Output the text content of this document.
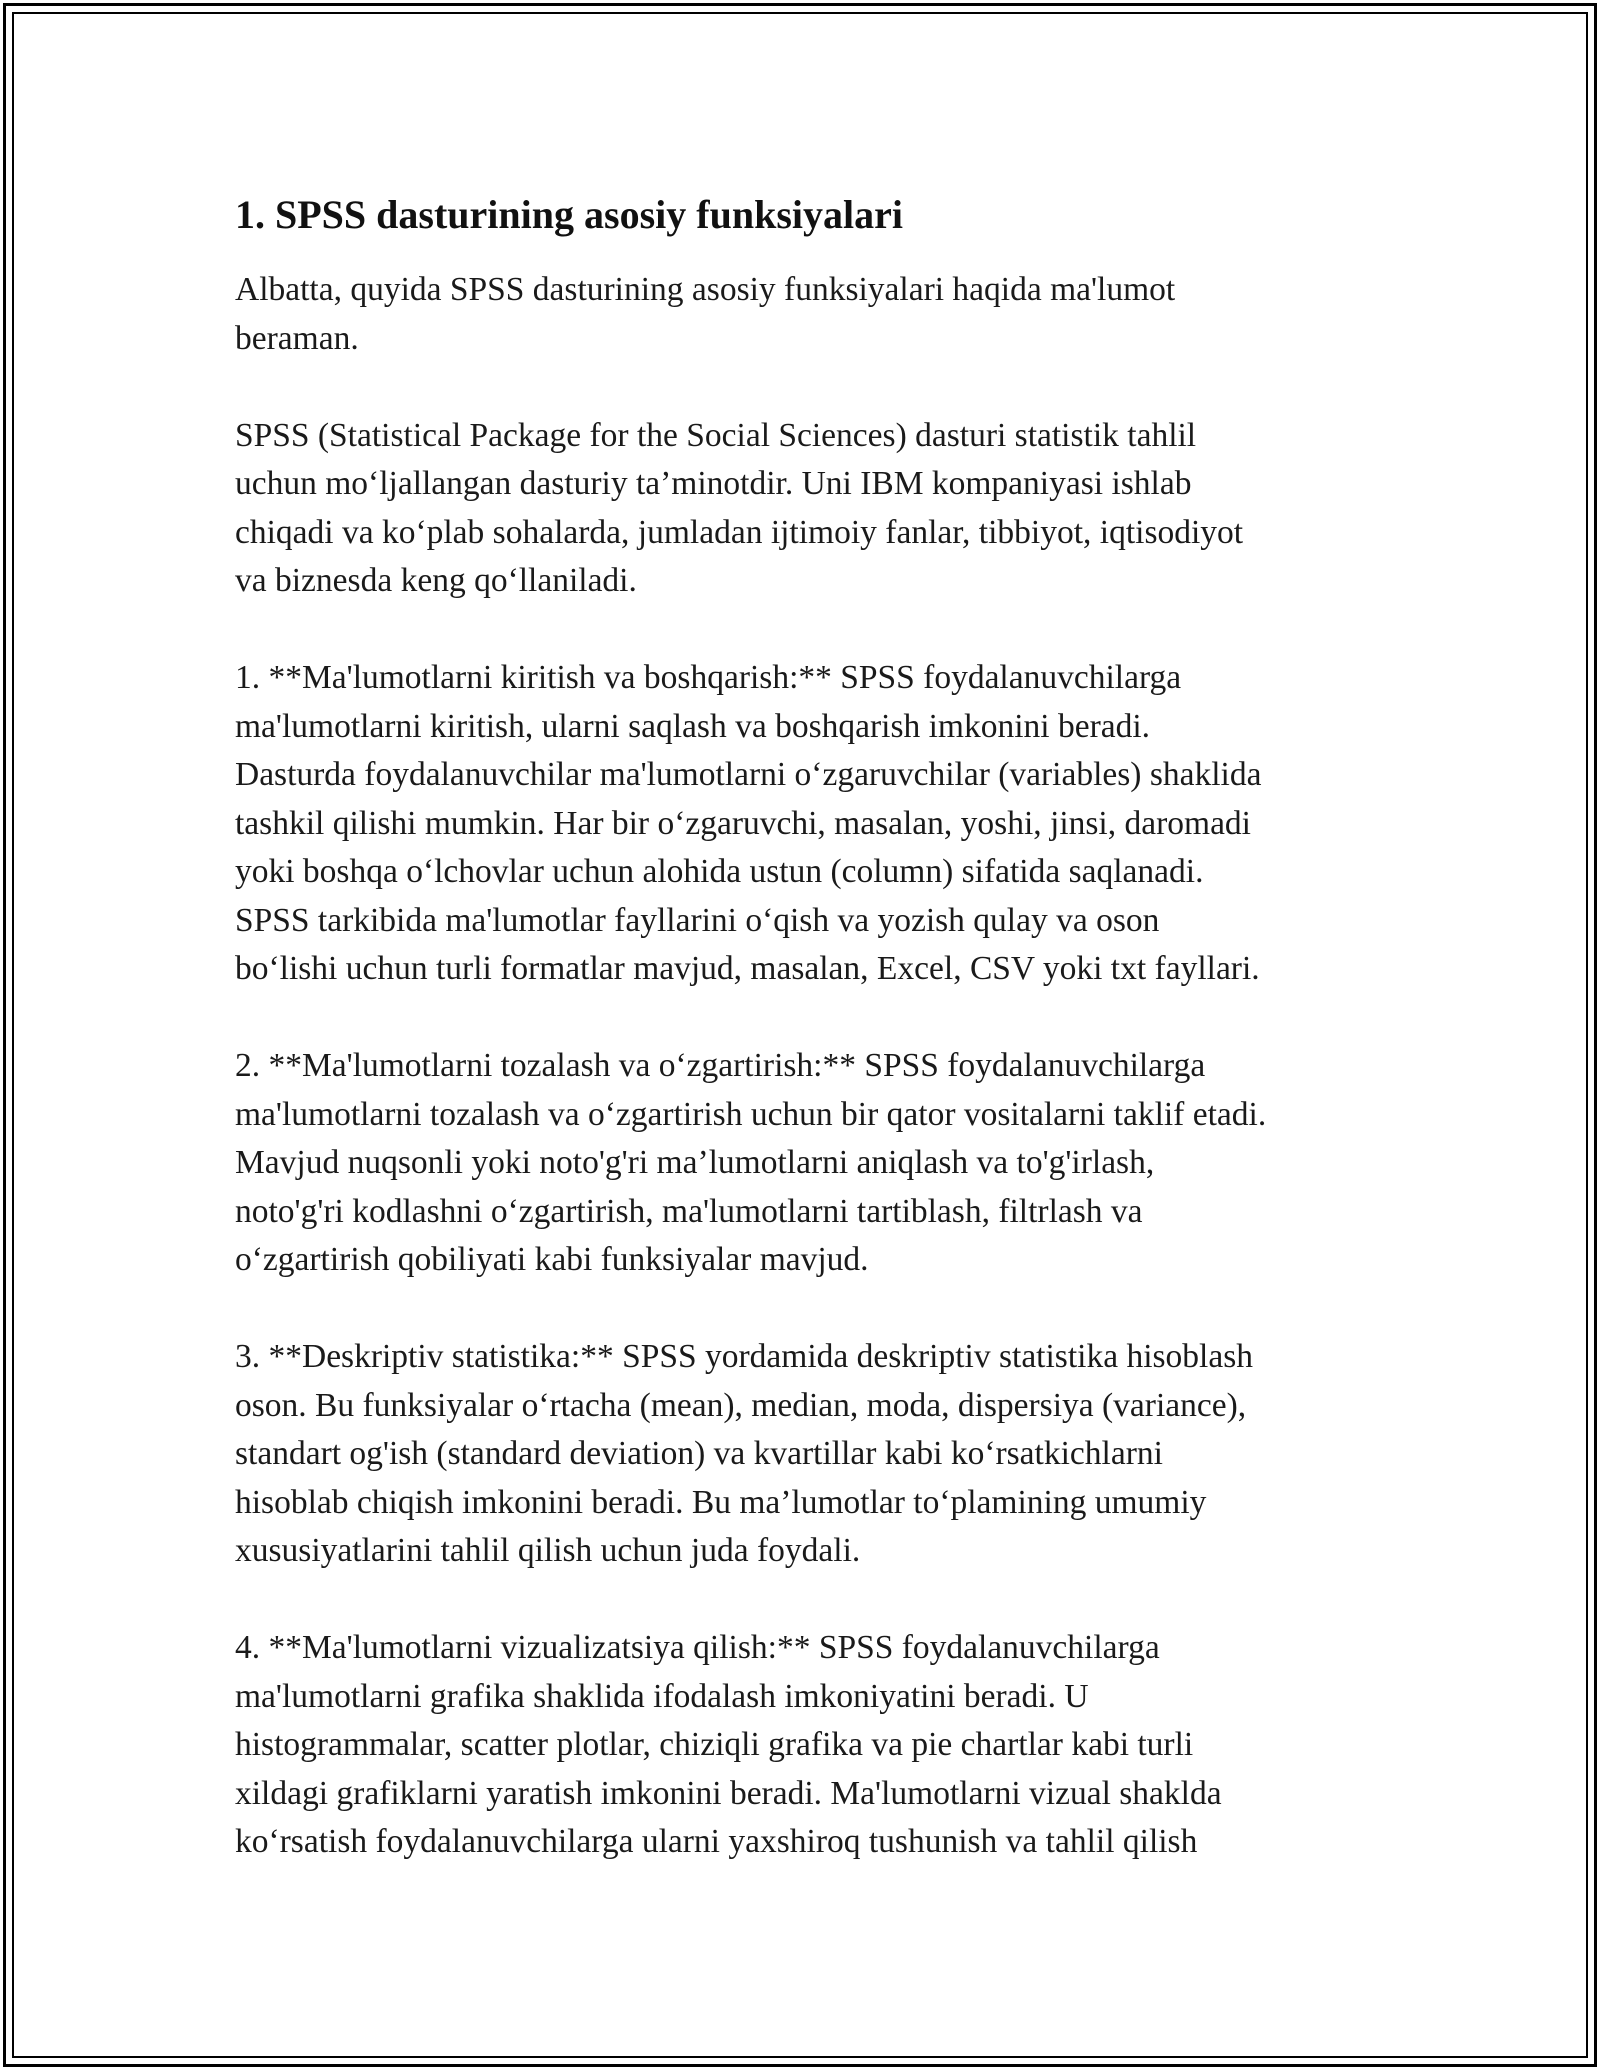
1. SPSS dasturining asosiy funksiyalari

Albatta, quyida SPSS dasturining asosiy funksiyalari haqida ma'lumot
beraman.

SPSS (Statistical Package for the Social Sciences) dasturi statistik tahlil
uchun mo‘ljallangan dasturiy ta’minotdir. Uni IBM kompaniyasi ishlab
chiqadi va ko‘plab sohalarda, jumladan ijtimoiy fanlar, tibbiyot, iqtisodiyot
va biznesda keng qo‘llaniladi.

1. **Ma'lumotlarni kiritish va boshqarish:** SPSS foydalanuvchilarga
ma'lumotlarni kiritish, ularni saqlash va boshqarish imkonini beradi.
Dasturda foydalanuvchilar ma'lumotlarni o‘zgaruvchilar (variables) shaklida
tashkil qilishi mumkin. Har bir o‘zgaruvchi, masalan, yoshi, jinsi, daromadi
yoki boshqa o‘lchovlar uchun alohida ustun (column) sifatida saqlanadi.
SPSS tarkibida ma'lumotlar fayllarini o‘qish va yozish qulay va oson
bo‘lishi uchun turli formatlar mavjud, masalan, Excel, CSV yoki txt fayllari.

2. **Ma'lumotlarni tozalash va o‘zgartirish:** SPSS foydalanuvchilarga
ma'lumotlarni tozalash va o‘zgartirish uchun bir qator vositalarni taklif etadi.
Mavjud nuqsonli yoki noto'g'ri ma’lumotlarni aniqlash va to'g'irlash,
noto'g'ri kodlashni o‘zgartirish, ma'lumotlarni tartiblash, filtrlash va
o‘zgartirish qobiliyati kabi funksiyalar mavjud.

3. **Deskriptiv statistika:** SPSS yordamida deskriptiv statistika hisoblash
oson. Bu funksiyalar o‘rtacha (mean), median, moda, dispersiya (variance),
standart og'ish (standard deviation) va kvartillar kabi ko‘rsatkichlarni
hisoblab chiqish imkonini beradi. Bu ma’lumotlar to‘plamining umumiy
xususiyatlarini tahlil qilish uchun juda foydali.

4. **Ma'lumotlarni vizualizatsiya qilish:** SPSS foydalanuvchilarga
ma'lumotlarni grafika shaklida ifodalash imkoniyatini beradi. U
histogrammalar, scatter plotlar, chiziqli grafika va pie chartlar kabi turli
xildagi grafiklarni yaratish imkonini beradi. Ma'lumotlarni vizual shaklda
ko‘rsatish foydalanuvchilarga ularni yaxshiroq tushunish va tahlil qilish
